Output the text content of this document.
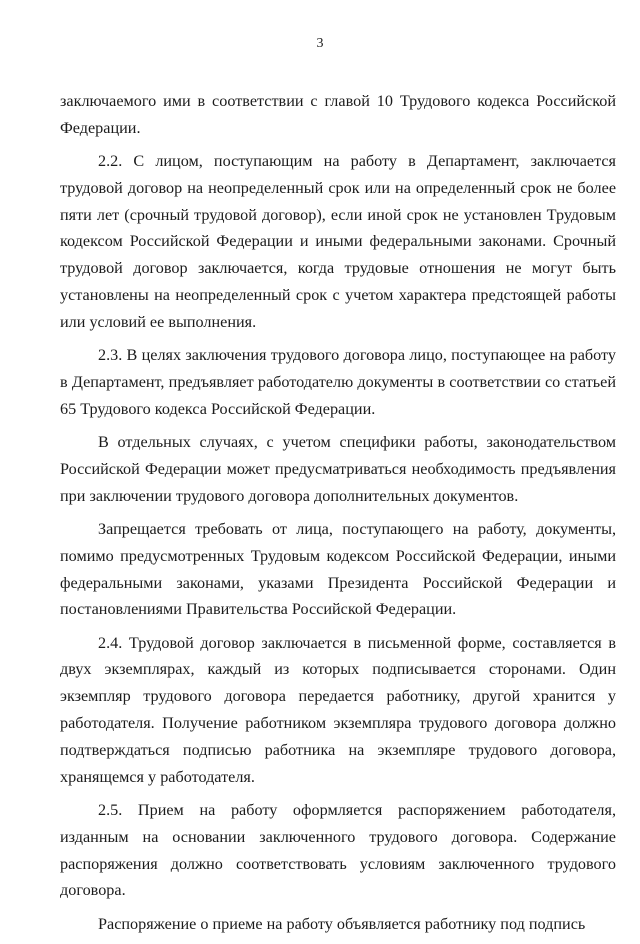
3

заключаемого ими в соответствии с главой 10 Трудового кодекса Российской Федерации.

2.2. С лицом, поступающим на работу в Департамент, заключается трудовой договор на неопределенный срок или на определенный срок не более пяти лет (срочный трудовой договор), если иной срок не установлен Трудовым кодексом Российской Федерации и иными федеральными законами. Срочный трудовой договор заключается, когда трудовые отношения не могут быть установлены на неопределенный срок с учетом характера предстоящей работы или условий ее выполнения.

2.3. В целях заключения трудового договора лицо, поступающее на работу в Департамент, предъявляет работодателю документы в соответствии со статьей 65 Трудового кодекса Российской Федерации.

В отдельных случаях, с учетом специфики работы, законодательством Российской Федерации может предусматриваться необходимость предъявления при заключении трудового договора дополнительных документов.

Запрещается требовать от лица, поступающего на работу, документы, помимо предусмотренных Трудовым кодексом Российской Федерации, иными федеральными законами, указами Президента Российской Федерации и постановлениями Правительства Российской Федерации.

2.4. Трудовой договор заключается в письменной форме, составляется в двух экземплярах, каждый из которых подписывается сторонами. Один экземпляр трудового договора передается работнику, другой хранится у работодателя. Получение работником экземпляра трудового договора должно подтверждаться подписью работника на экземпляре трудового договора, хранящемся у работодателя.

2.5. Прием на работу оформляется распоряжением работодателя, изданным на основании заключенного трудового договора. Содержание распоряжения должно соответствовать условиям заключенного трудового договора.

Распоряжение о приеме на работу объявляется работнику под подпись
